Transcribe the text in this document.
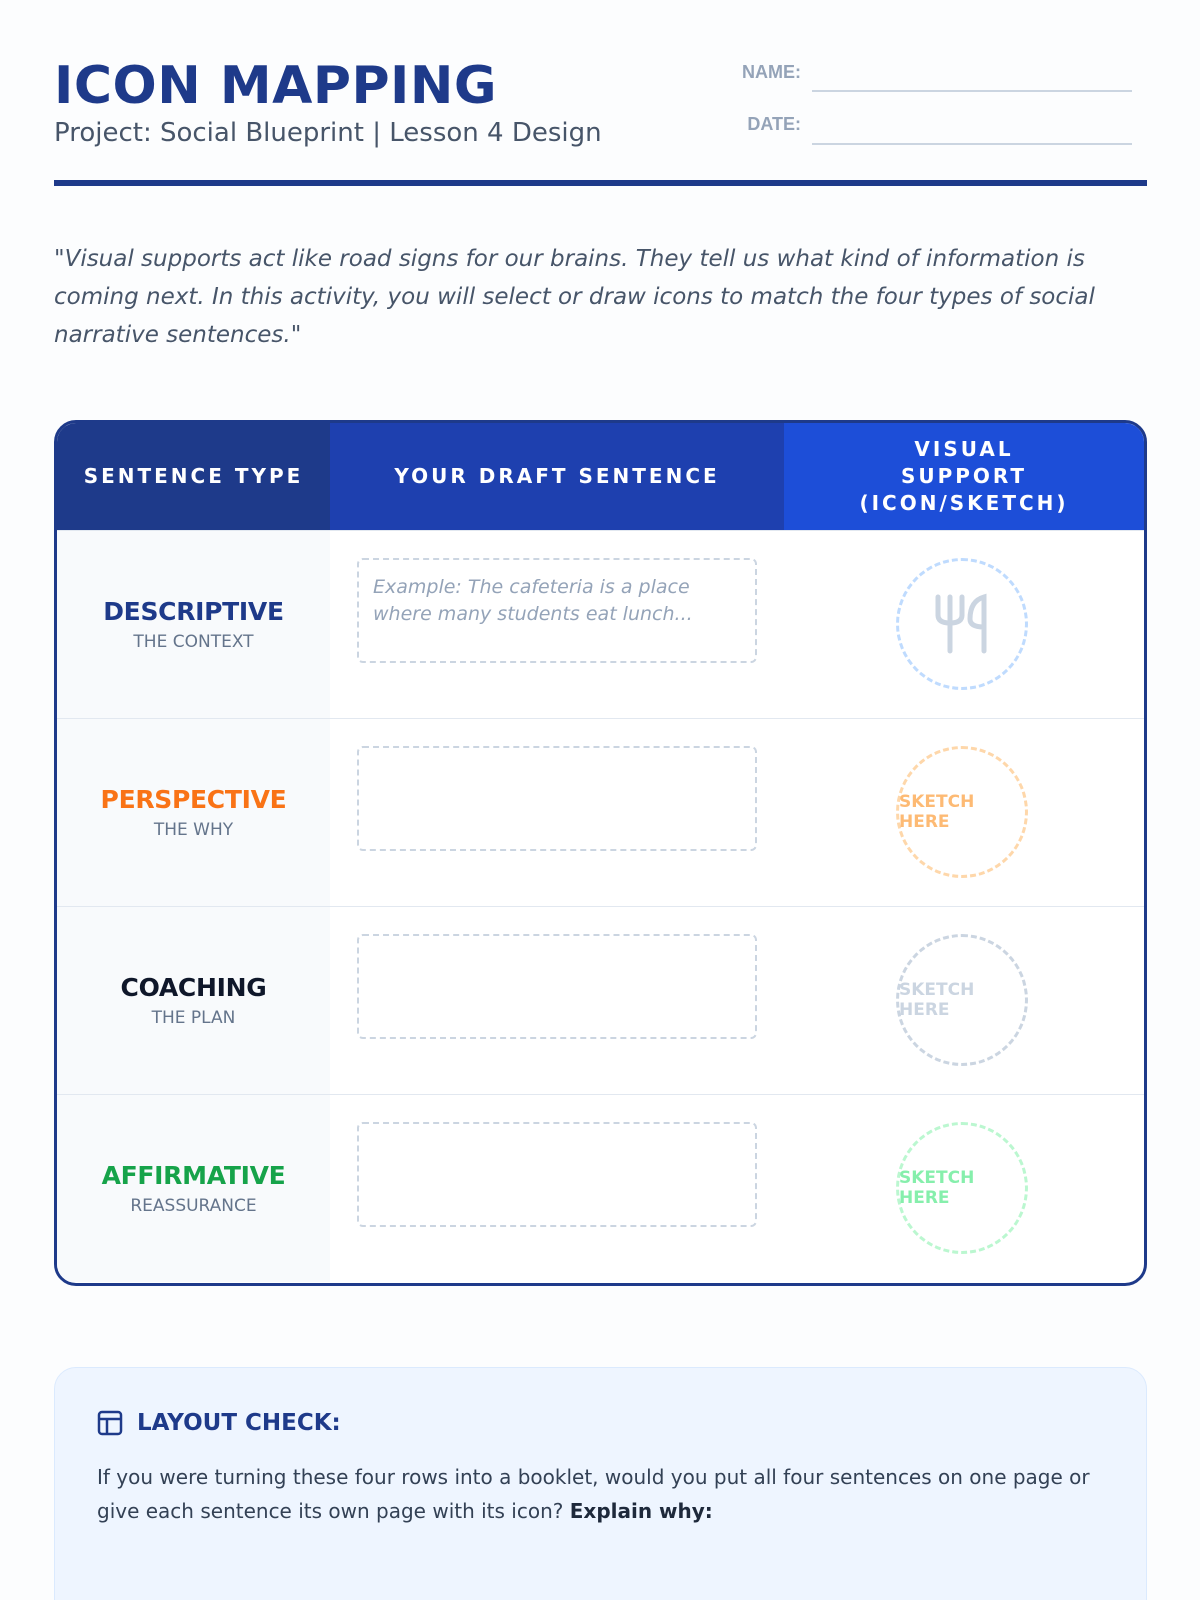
ICON MAPPING
Project: Social Blueprint | Lesson 4 Design
NAME:
DATE:
"Visual supports act like road signs for our brains. They tell us what kind of information is coming next. In this activity, you will select or draw icons to match the four types of social narrative sentences."
SENTENCE TYPE	YOUR DRAFT SENTENCE
VISUAL SUPPORT (ICON/SKETCH)
DESCRIPTIVE
THE CONTEXT
Example: The cafeteria is a place where many students eat lunch...
PERSPECTIVE
THE WHY
SKETCH HERE
COACHING
THE PLAN
SKETCH HERE
AFFIRMATIVE
REASSURANCE
SKETCH HERE
LAYOUT CHECK:
If you were turning these four rows into a booklet, would you put all four sentences on one page or give each sentence its own page with its icon? Explain why:
